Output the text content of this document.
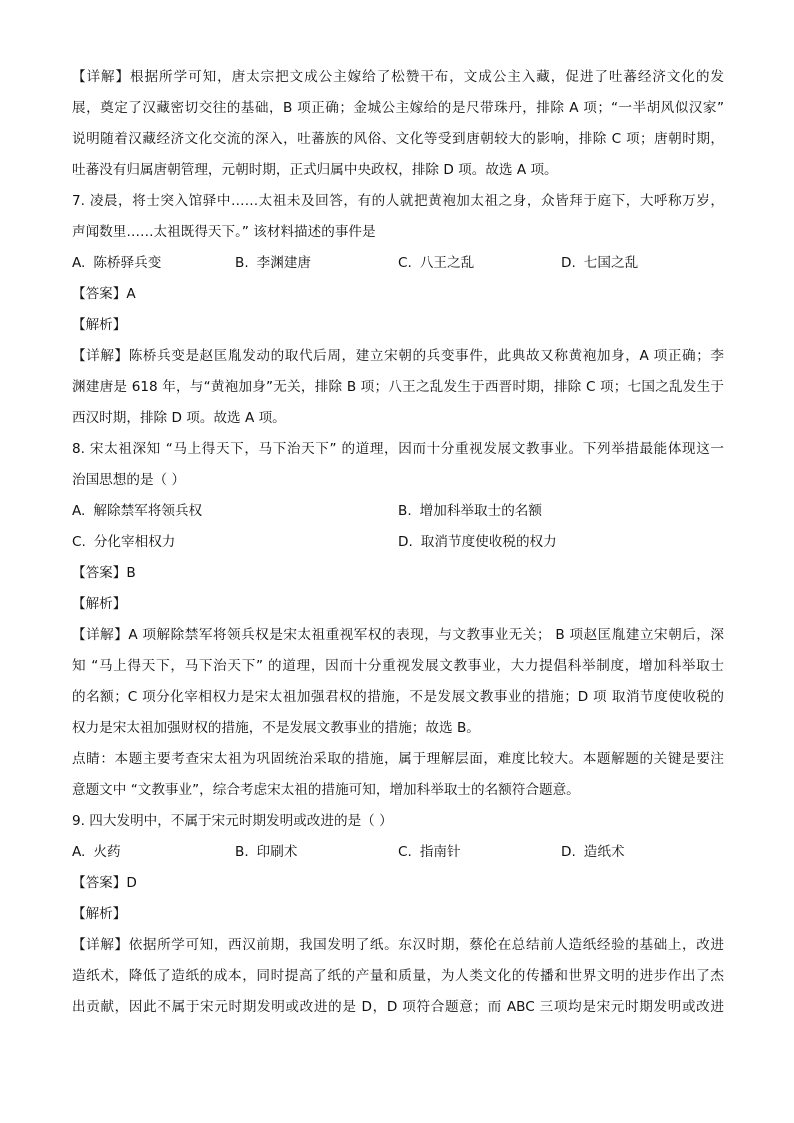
【详解】根据所学可知，唐太宗把文成公主嫁给了松赞干布，文成公主入藏，促进了吐蕃经济文化的发
展，奠定了汉藏密切交往的基础，B 项正确；金城公主嫁给的是尺带珠丹，排除 A 项；“一半胡风似汉家”
说明随着汉藏经济文化交流的深入，吐蕃族的风俗、文化等受到唐朝较大的影响，排除 C 项；唐朝时期，
吐蕃没有归属唐朝管理，元朝时期，正式归属中央政权，排除 D 项。故选 A 项。
7. 凌晨，将士突入馆驿中……太祖未及回答，有的人就把黄袍加太祖之身，众皆拜于庭下，大呼称万岁，
声闻数里……太祖既得天下。” 该材料描述的事件是
A. 陈桥驿兵变	B. 李渊建唐	C. 八王之乱	D. 七国之乱
【答案】A
【解析】
【详解】陈桥兵变是赵匡胤发动的取代后周，建立宋朝的兵变事件，此典故又称黄袍加身，A 项正确；李
渊建唐是 618 年，与“黄袍加身”无关，排除 B 项；八王之乱发生于西晋时期，排除 C 项；七国之乱发生于
西汉时期，排除 D 项。故选 A 项。
8. 宋太祖深知 “马上得天下，马下治天下” 的道理，因而十分重视发展文教事业。下列举措最能体现这一
治国思想的是（ ）
A. 解除禁军将领兵权	B. 增加科举取士的名额
C. 分化宰相权力	D. 取消节度使收税的权力
【答案】B
【解析】
【详解】A 项解除禁军将领兵权是宋太祖重视军权的表现，与文教事业无关； B 项赵匡胤建立宋朝后，深
知 “马上得天下，马下治天下” 的道理，因而十分重视发展文教事业，大力提倡科举制度，增加科举取士
的名额；C 项分化宰相权力是宋太祖加强君权的措施，不是发展文教事业的措施；D 项 取消节度使收税的
权力是宋太祖加强财权的措施，不是发展文教事业的措施；故选 B。
点睛：本题主要考查宋太祖为巩固统治采取的措施，属于理解层面，难度比较大。本题解题的关键是要注
意题文中 “文教事业”，综合考虑宋太祖的措施可知，增加科举取士的名额符合题意。
9. 四大发明中，不属于宋元时期发明或改进的是（ ）
A. 火药	B. 印刷术	C. 指南针	D. 造纸术
【答案】D
【解析】
【详解】依据所学可知，西汉前期，我国发明了纸。东汉时期，蔡伦在总结前人造纸经验的基础上，改进
造纸术，降低了造纸的成本，同时提高了纸的产量和质量，为人类文化的传播和世界文明的进步作出了杰
出贡献，因此不属于宋元时期发明或改进的是 D，D 项符合题意；而 ABC 三项均是宋元时期发明或改进
